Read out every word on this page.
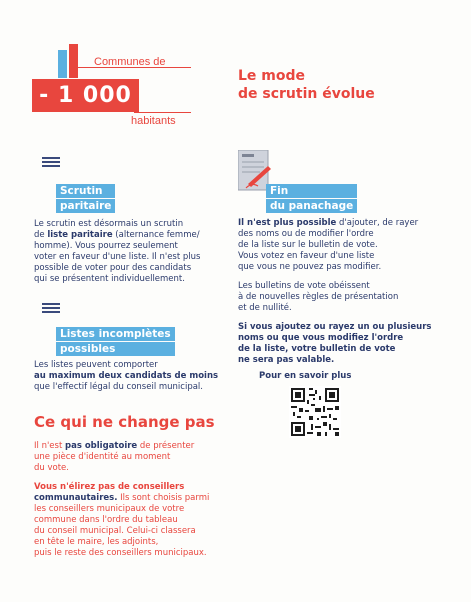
Communes de
- 1 000
habitants
Le mode
de scrutin évolue
Scrutin
paritaire

Le scrutin est désormais un scrutin

de liste paritaire (alternance femme/

homme). Vous pourrez seulement

voter en faveur d'une liste. Il n'est plus

possible de voter pour des candidats

qui se présentent individuellement.

Listes incomplètes
possibles

Les listes peuvent comporter

au maximum deux candidats de moins

que l'effectif légal du conseil municipal.

Fin
du panachage

Il n'est plus possible d'ajouter, de rayer

des noms ou de modifier l'ordre

de la liste sur le bulletin de vote.

Vous votez en faveur d'une liste

que vous ne pouvez pas modifier.

Les bulletins de vote obéissent

à de nouvelles règles de présentation

et de nullité.

Si vous ajoutez ou rayez un ou plusieurs

noms ou que vous modifiez l'ordre

de la liste, votre bulletin de vote

ne sera pas valable.

Pour en savoir plus
Ce qui ne change pas

Il n'est pas obligatoire de présenter

une pièce d'identité au moment

du vote.

Vous n'élirez pas de conseillers

communautaires. Ils sont choisis parmi

les conseillers municipaux de votre

commune dans l'ordre du tableau

du conseil municipal. Celui-ci classera

en tête le maire, les adjoints,

puis le reste des conseillers municipaux.
